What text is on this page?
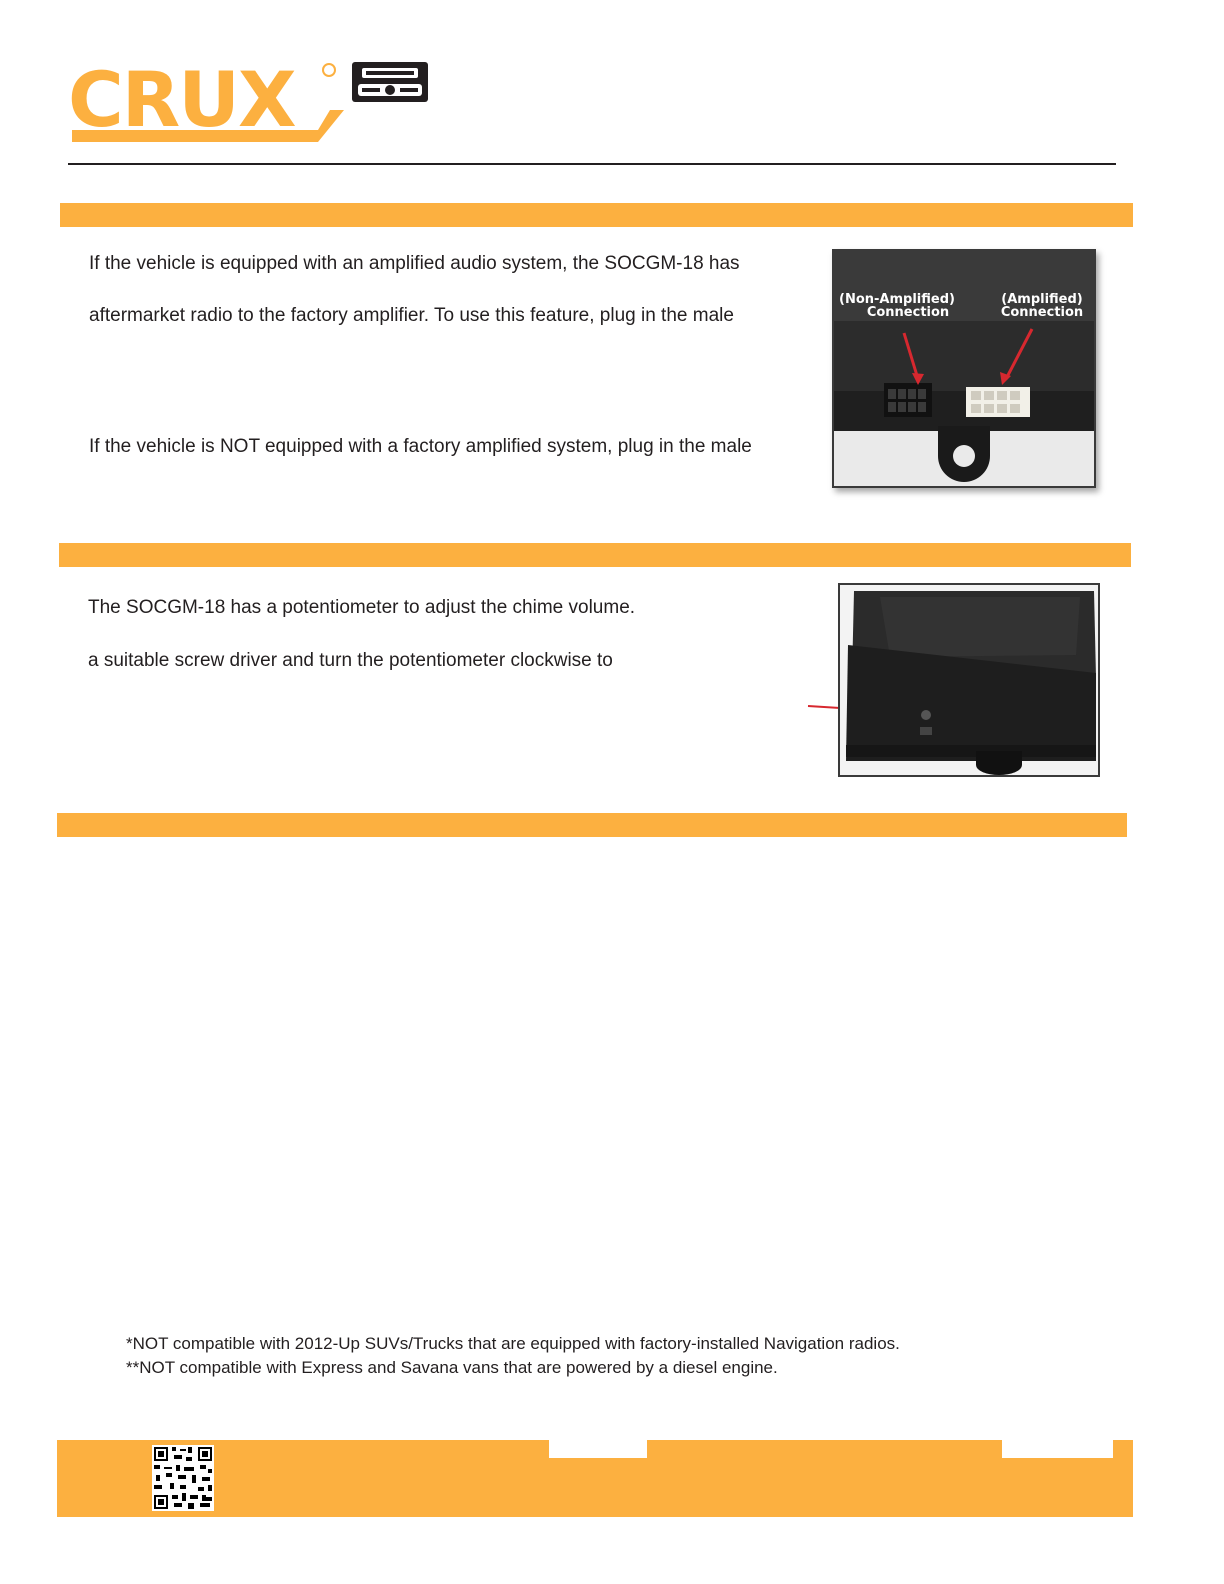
CRUX
If the vehicle is equipped with an amplified audio system, the SOCGM-18 has
aftermarket radio to the factory amplifier. To use this feature, plug in the male
If the vehicle is NOT equipped with a factory amplified system, plug in the male
(Non-Amplified)
Connection
(Amplified)
Connection
The SOCGM-18 has a potentiometer to adjust the chime volume.
a suitable screw driver and turn the potentiometer clockwise to
*NOT compatible with 2012-Up SUVs/Trucks that are equipped with factory-installed Navigation radios.
**NOT compatible with Express and Savana vans that are powered by a diesel engine.
